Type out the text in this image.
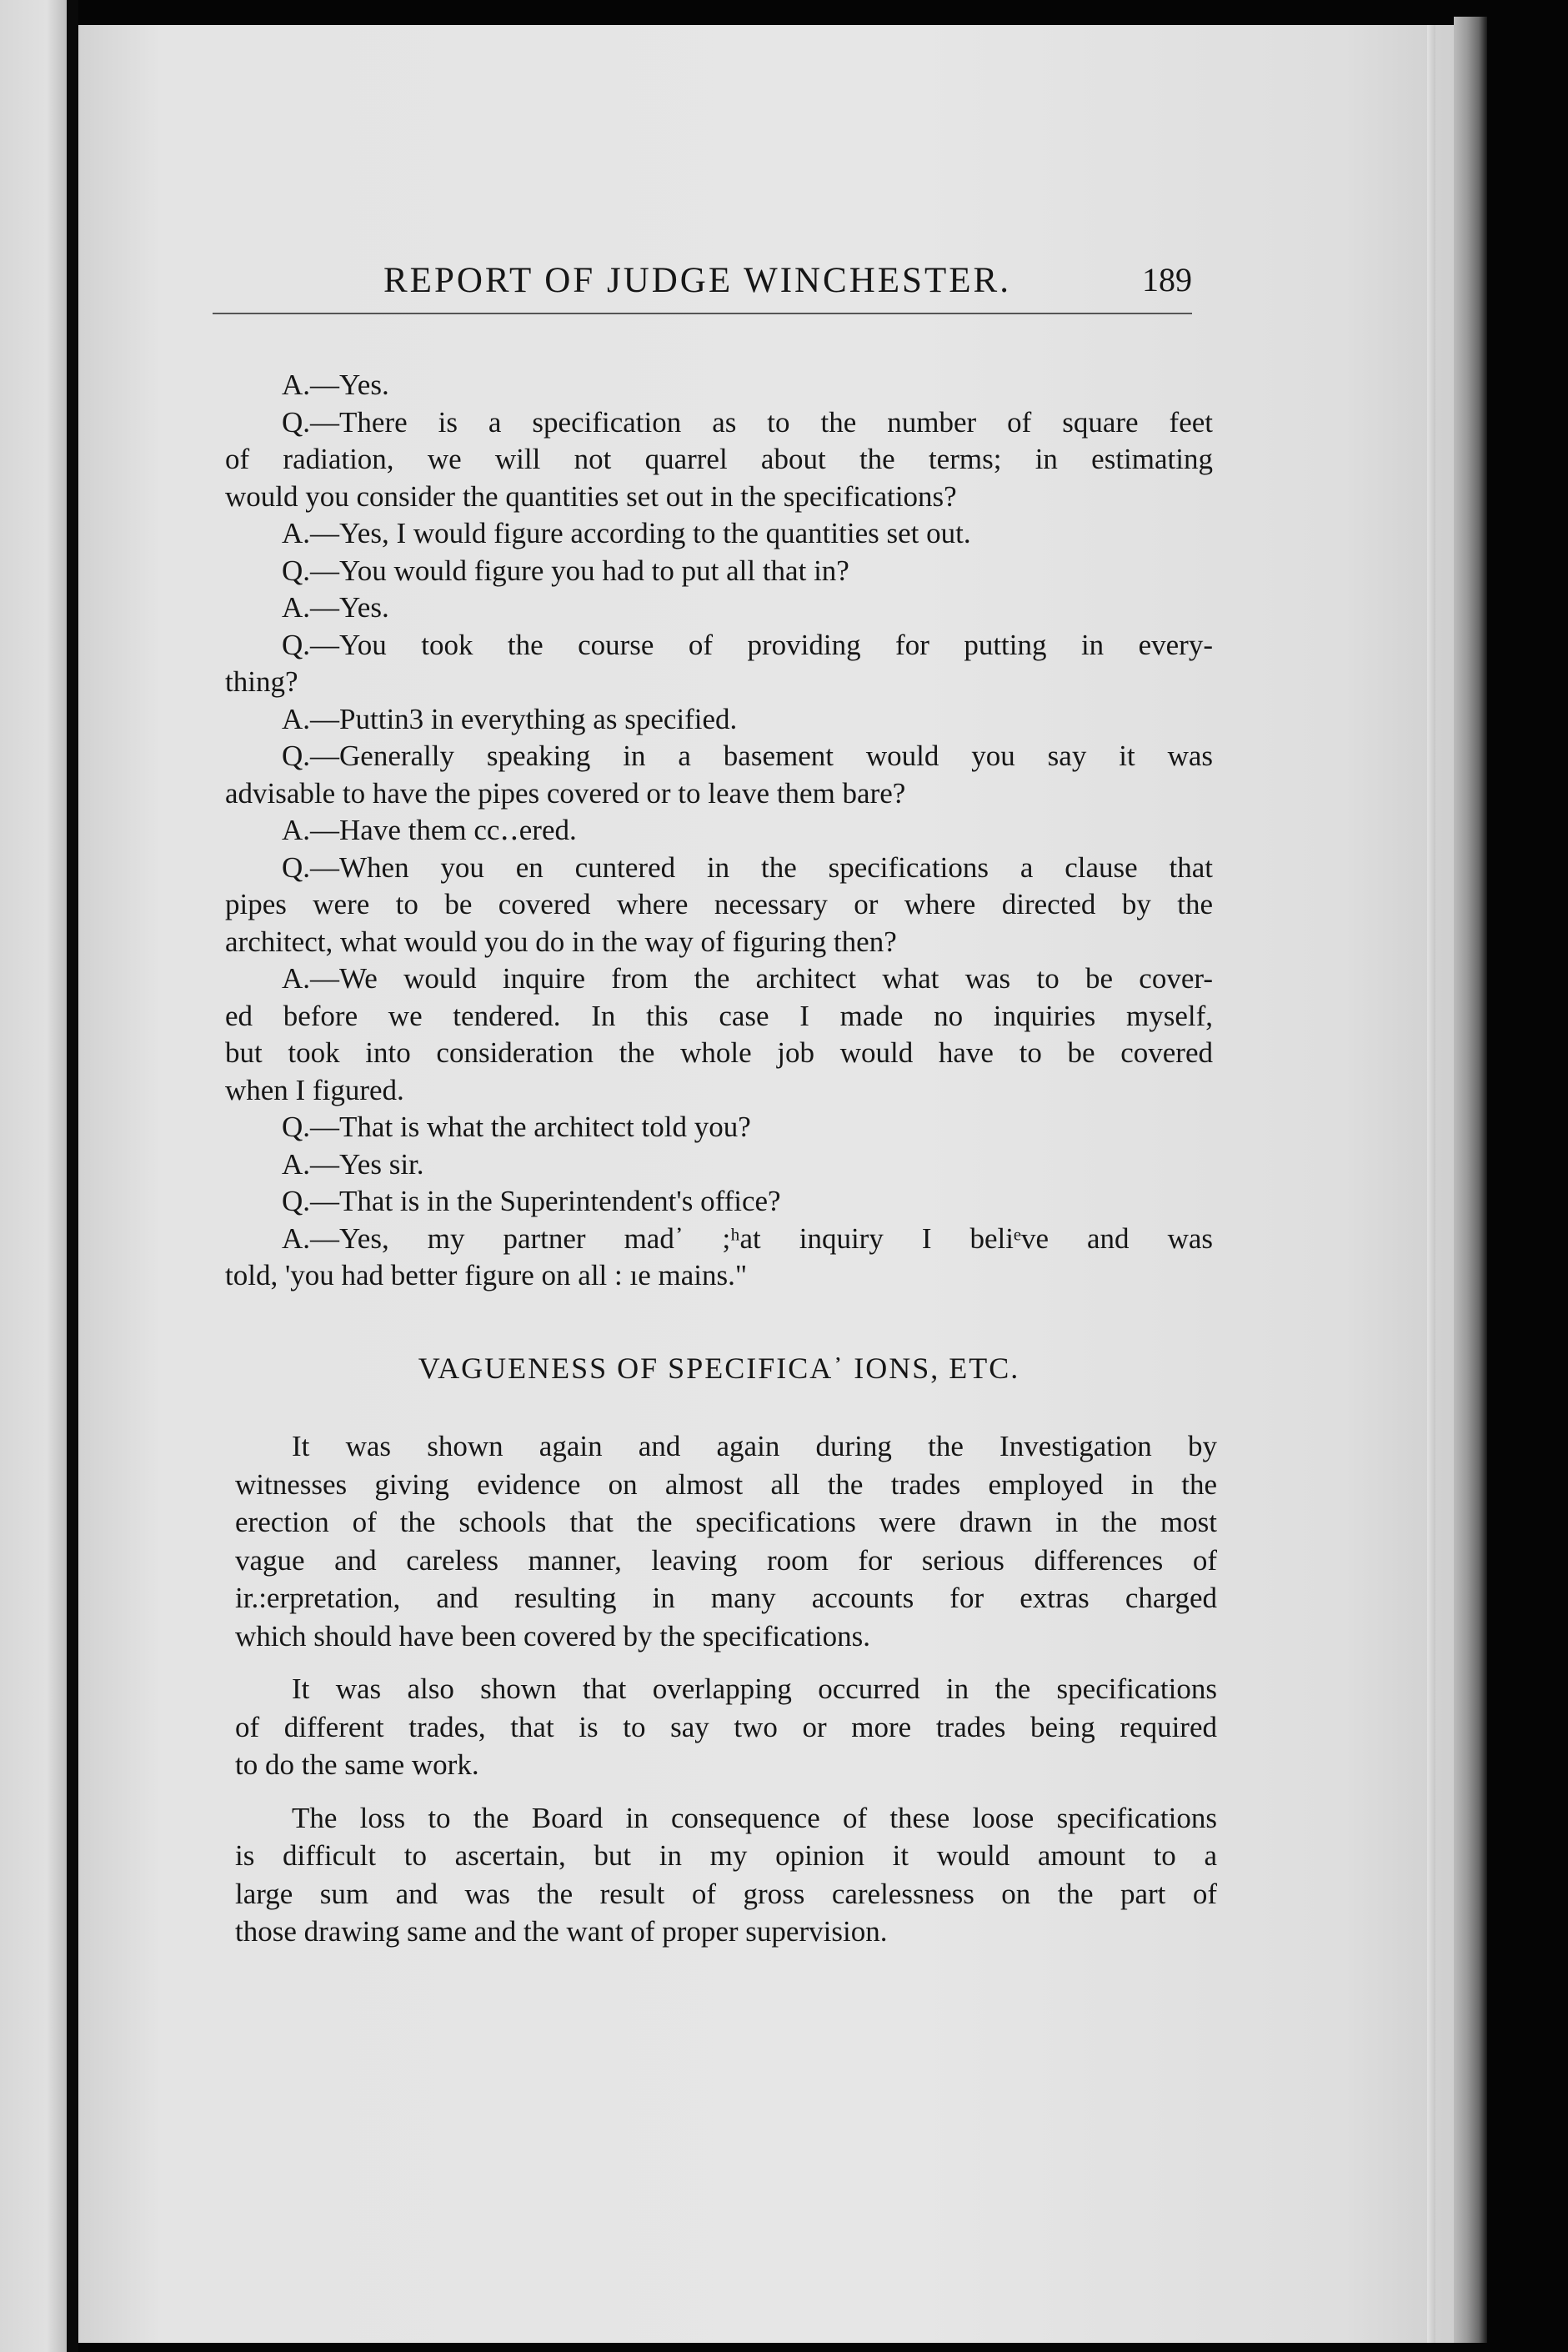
REPORT OF JUDGE WINCHESTER.	189
A.—Yes.
Q.—There is a specification as to the number of square feet
of radiation, we will not quarrel about the terms; in estimating
would you consider the quantities set out in the specifications?
A.—Yes, I would figure according to the quantities set out.
Q.—You would figure you had to put all that in?
A.—Yes.
Q.—You took the course of providing for putting in every-
thing?
A.—Puttin3 in everything as specified.
Q.—Generally speaking in a basement would you say it was
advisable to have the pipes covered or to leave them bare?
A.—Have them cc‥ered.
Q.—When you en cuntered in the specifications a clause that
pipes were to be covered where necessary or where directed by the
architect, what would you do in the way of figuring then?
A.—We would inquire from the architect what was to be cover-
ed before we tendered. In this case I made no inquiries myself,
but took into consideration the whole job would have to be covered
when I figured.
Q.—That is what the architect told you?
A.—Yes sir.
Q.—That is in the Superintendent's office?
A.—Yes, my partner mad᾿ ;ʰat inquiry I beliᵉve and was
told, 'you had better figure on all : ıe mains."
VAGUENESS OF SPECIFICA᾿ IONS, ETC.
It was shown again and again during the Investigation by
witnesses giving evidence on almost all the trades employed in the
erection of the schools that the specifications were drawn in the most
vague and careless manner, leaving room for serious differences of
ir.:erpretation, and resulting in many accounts for extras charged
which should have been covered by the specifications.
It was also shown that overlapping occurred in the specifications
of different trades, that is to say two or more trades being required
to do the same work.
The loss to the Board in consequence of these loose specifications
is difficult to ascertain, but in my opinion it would amount to a
large sum and was the result of gross carelessness on the part of
those drawing same and the want of proper supervision.
